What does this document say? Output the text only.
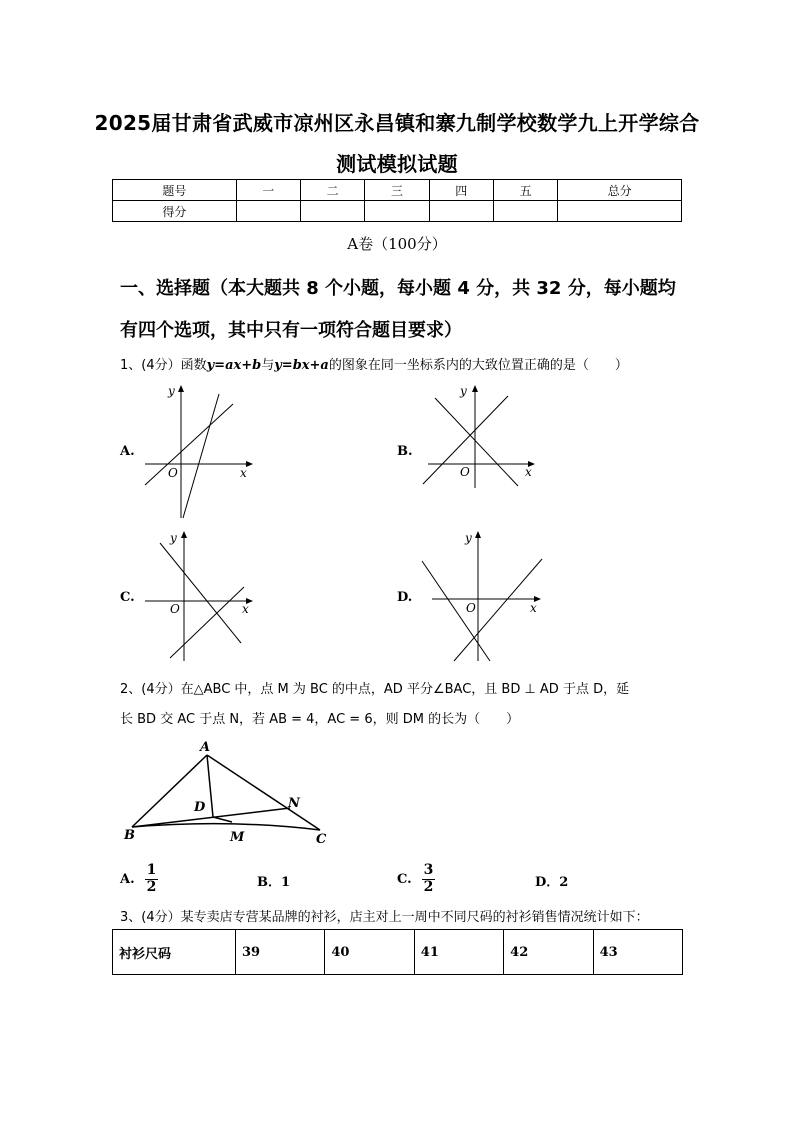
2025届甘肃省武威市凉州区永昌镇和寨九制学校数学九上开学综合
测试模拟试题
题号	一	二	三	四	五	总分
得分						
A卷（100分）
一、选择题（本大题共 8 个小题，每小题 4 分，共 32 分，每小题均
有四个选项，其中只有一项符合题目要求）
1、(4分）函数y=ax+b与y=bx+a的图象在同一坐标系内的大致位置正确的是（　　）
A.	B.
C.	D.
y
x
O
y
x
O
y
x
O
y
x
O
2、(4分）在△ABC 中，点 M 为 BC 的中点，AD 平分∠BAC，且 BD ⊥ AD 于点 D，延
长 BD 交 AC 于点 N，若 AB = 4，AC = 6，则 DM 的长为（　　）
A
B	C
D
M
N
A. $\frac{1}{2}$	B．1	C. $\frac{3}{2}$	D．2
3、(4分）某专卖店专营某品牌的衬衫，店主对上一周中不同尺码的衬衫销售情况统计如下：
衬衫尺码	39	40	41	42	43
